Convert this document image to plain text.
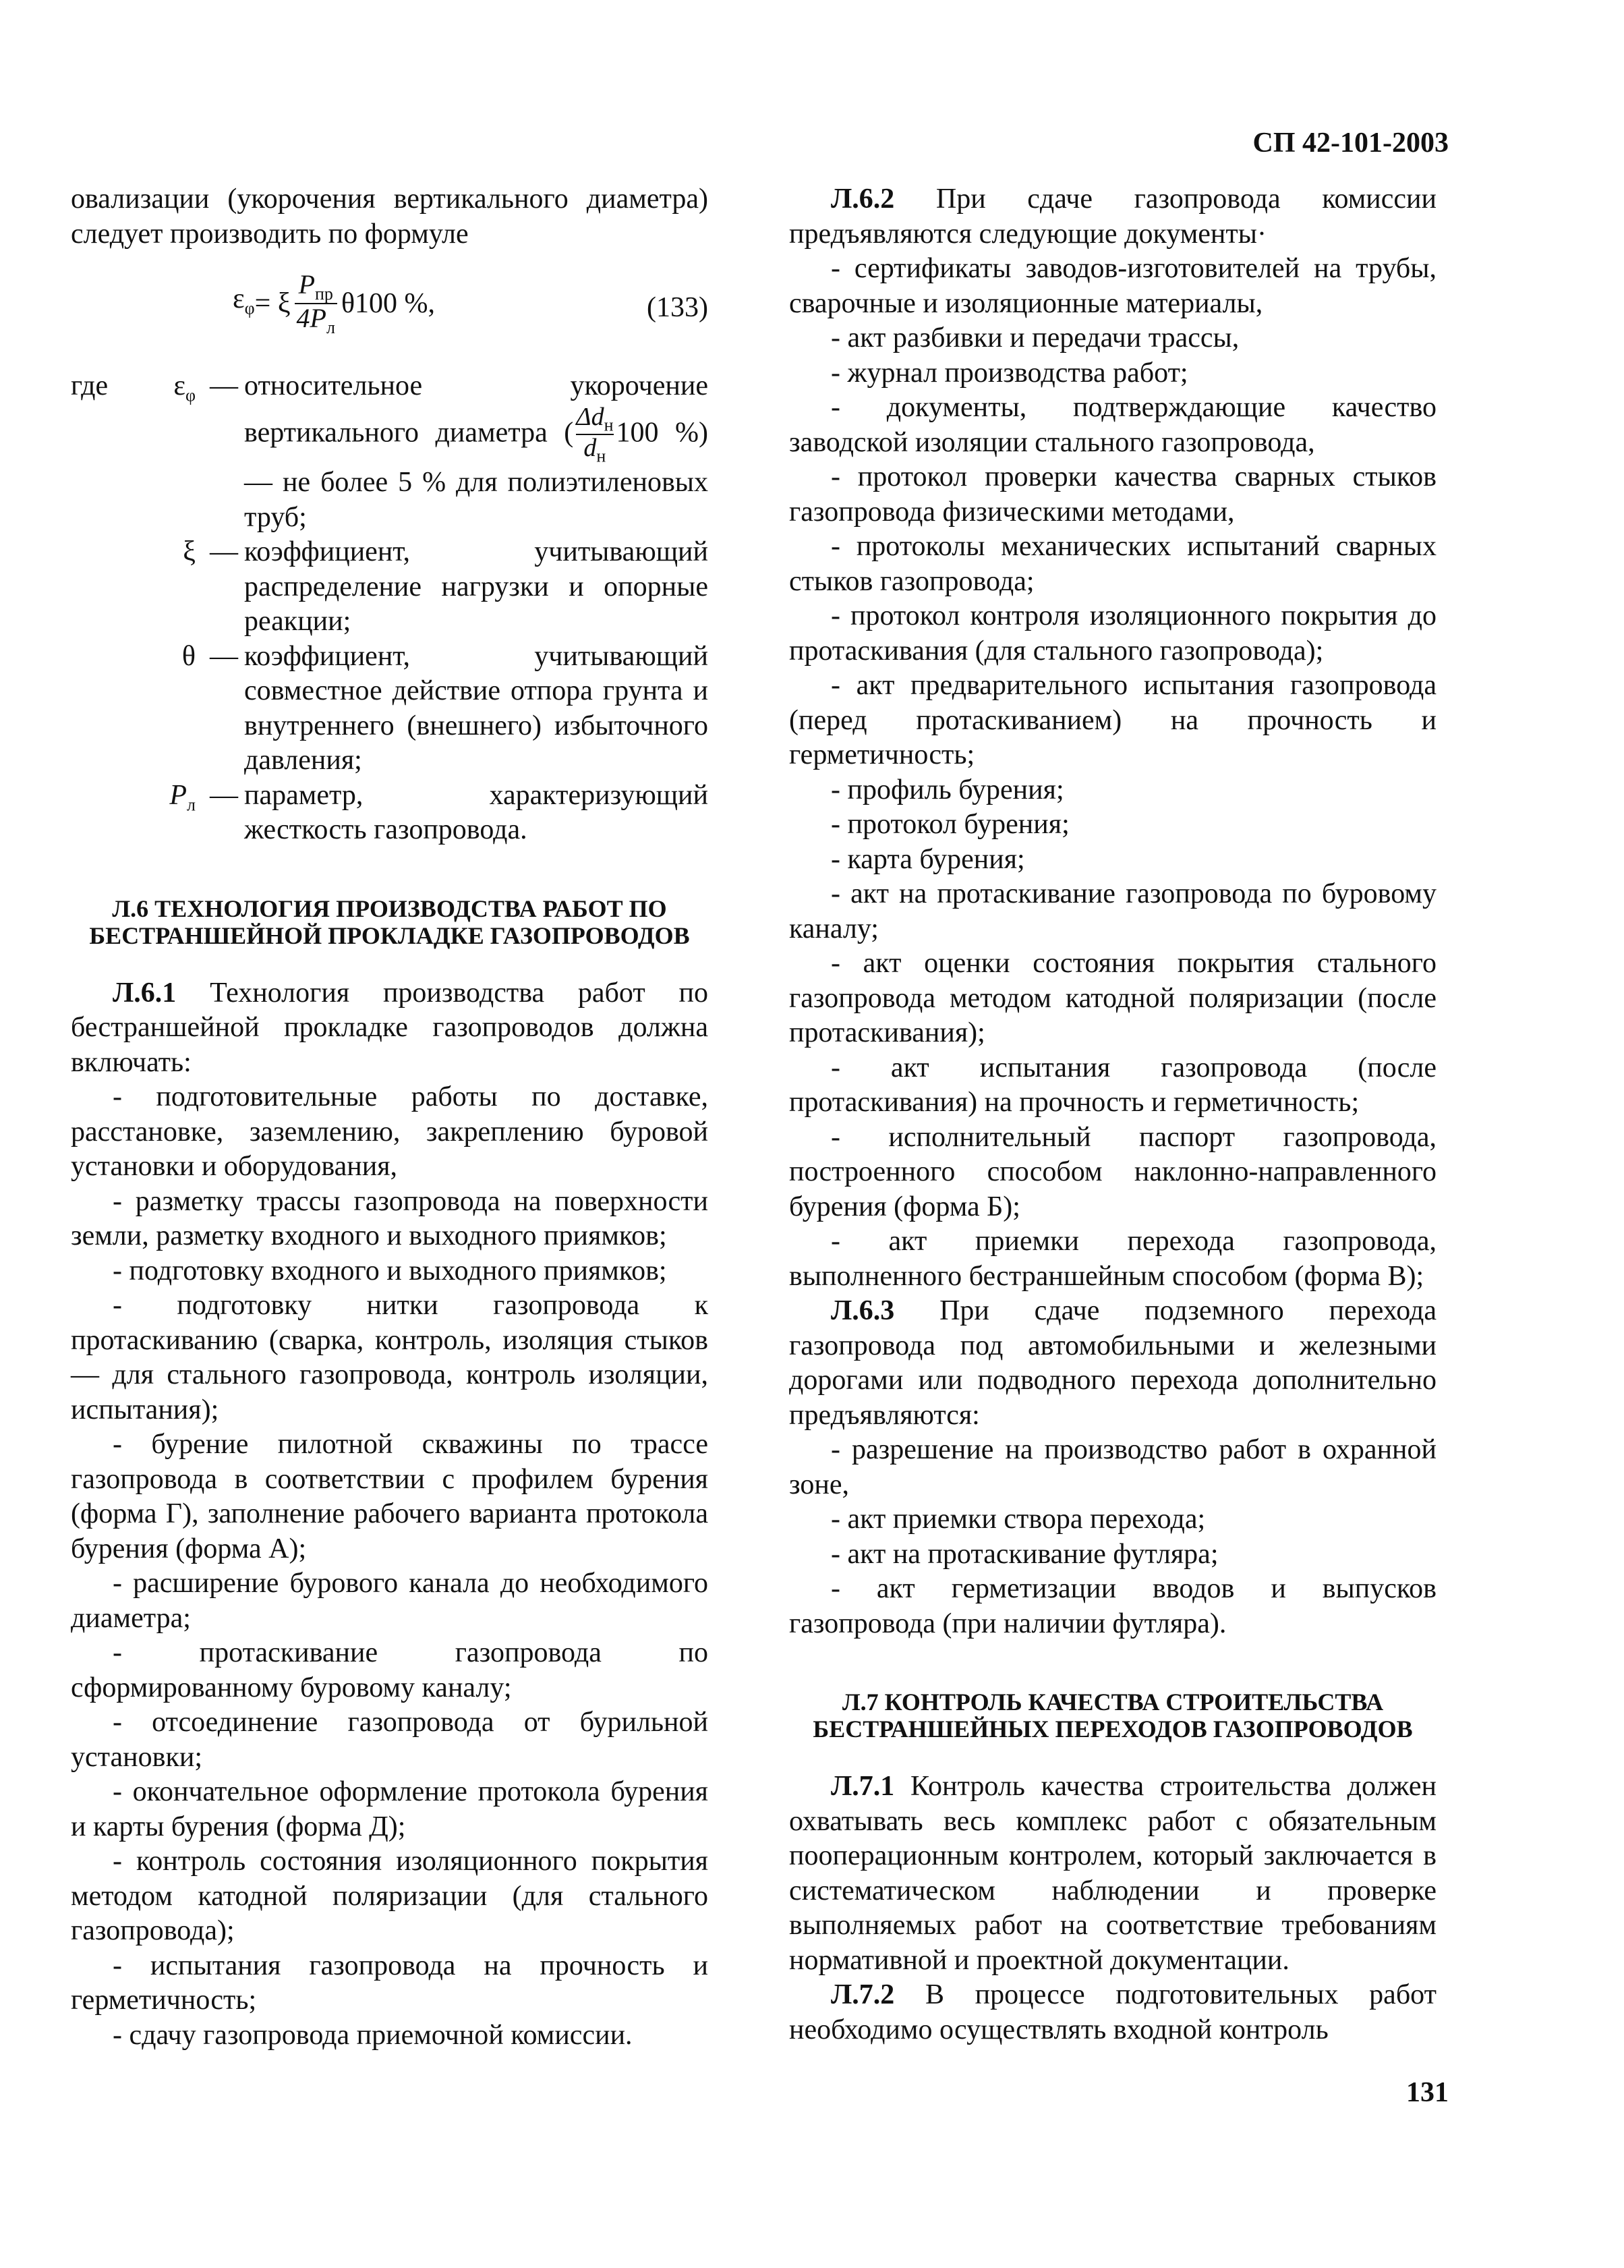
СП 42-101-2003

овализации (укорочения вертикального диаметра) следует производить по формуле

$\varepsilon_\varphi = \xi \frac{P_{пр}}{4P_л} \theta 100$ %,	(133)
где $\varepsilon_\varphi$ — относительное укорочение вертикального диаметра ( $\frac{\Delta d_н}{d_н} 100$ %) — не более 5 % для полиэтиленовых труб;
ξ — коэффициент, учитывающий распределение нагрузки и опорные реакции;
θ — коэффициент, учитывающий совместное действие отпора грунта и внутреннего (внешнего) избыточного давления;
$P_л$ — параметр, характеризующий жесткость газопровода.
Л.6 ТЕХНОЛОГИЯ ПРОИЗВОДСТВА РАБОТ ПО БЕСТРАНШЕЙНОЙ ПРОКЛАДКЕ ГАЗОПРОВОДОВ

Л.6.1 Технология производства работ по бестраншейной прокладке газопроводов должна включать:

- подготовительные работы по доставке, расстановке, заземлению, закреплению буровой установки и оборудования,

- разметку трассы газопровода на поверхности земли, разметку входного и выходного приямков;

- подготовку входного и выходного приямков;

- подготовку нитки газопровода к протаскиванию (сварка, контроль, изоляция стыков — для стального газопровода, контроль изоляции, испытания);

- бурение пилотной скважины по трассе газопровода в соответствии с профилем бурения (форма Г), заполнение рабочего варианта протокола бурения (форма А);

- расширение бурового канала до необходимого диаметра;

- протаскивание газопровода по сформированному буровому каналу;

- отсоединение газопровода от бурильной установки;

- окончательное оформление протокола бурения и карты бурения (форма Д);

- контроль состояния изоляционного покрытия методом катодной поляризации (для стального газопровода);

- испытания газопровода на прочность и герметичность;

- сдачу газопровода приемочной комиссии.

Л.6.2 При сдаче газопровода комиссии предъявляются следующие документы·

- сертификаты заводов-изготовителей на трубы, сварочные и изоляционные материалы,

- акт разбивки и передачи трассы,

- журнал производства работ;

- документы, подтверждающие качество заводской изоляции стального газопровода,

- протокол проверки качества сварных стыков газопровода физическими методами,

- протоколы механических испытаний сварных стыков газопровода;

- протокол контроля изоляционного покрытия до протаскивания (для стального газопровода);

- акт предварительного испытания газопровода (перед протаскиванием) на прочность и герметичность;

- профиль бурения;

- протокол бурения;

- карта бурения;

- акт на протаскивание газопровода по буровому каналу;

- акт оценки состояния покрытия стального газопровода методом катодной поляризации (после протаскивания);

- акт испытания газопровода (после протаскивания) на прочность и герметичность;

- исполнительный паспорт газопровода, построенного способом наклонно-направленного бурения (форма Б);

- акт приемки перехода газопровода, выполненного бестраншейным способом (форма В);

Л.6.3 При сдаче подземного перехода газопровода под автомобильными и железными дорогами или подводного перехода дополнительно предъявляются:

- разрешение на производство работ в охранной зоне,

- акт приемки створа перехода;

- акт на протаскивание футляра;

- акт герметизации вводов и выпусков газопровода (при наличии футляра).

Л.7 КОНТРОЛЬ КАЧЕСТВА СТРОИТЕЛЬСТВА БЕСТРАНШЕЙНЫХ ПЕРЕХОДОВ ГАЗОПРОВОДОВ

Л.7.1 Контроль качества строительства должен охватывать весь комплекс работ с обязательным пооперационным контролем, который заключается в систематическом наблюдении и проверке выполняемых работ на соответствие требованиям нормативной и проектной документации.

Л.7.2 В процессе подготовительных работ необходимо осуществлять входной контроль

131
